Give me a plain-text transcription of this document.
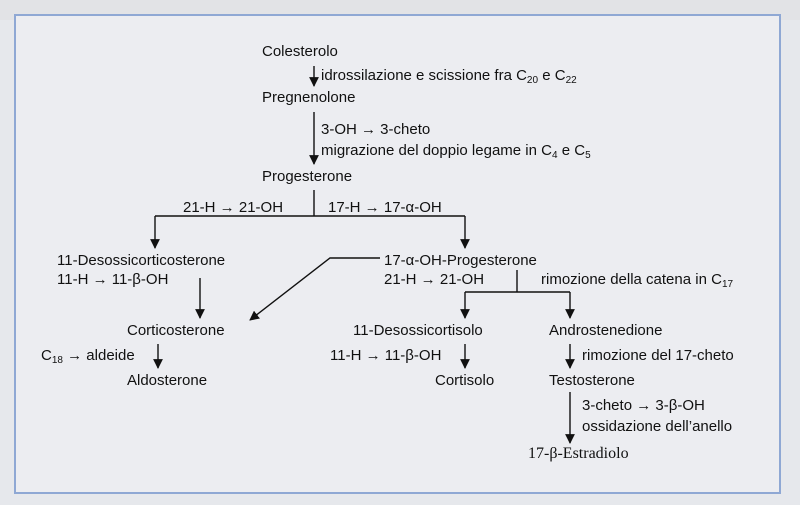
Colesterolo
Pregnenolone
Progesterone
11-Desossicorticosterone	17-α-OH-Progesterone
Corticosterone
Aldosterone
11-Desossicortisolo
Cortisolo
Androstenedione
Testosterone
17-β-Estradiolo
idrossilazione e scissione fra $C_{20}$ e $C_{22}$
3-OH → 3-cheto
migrazione del doppio legame in $C_4$ e $C_5$
21-H → 21-OH	17-H → 17-α-OH
11-H → 11-β-OH	21-H → 21-OH	rimozione della catena in $C_{17}$
$C_{18}$ → aldeide	11-H → 11-β-OH	rimozione del 17-cheto
3-cheto → 3-β-OH
ossidazione dell’anello
